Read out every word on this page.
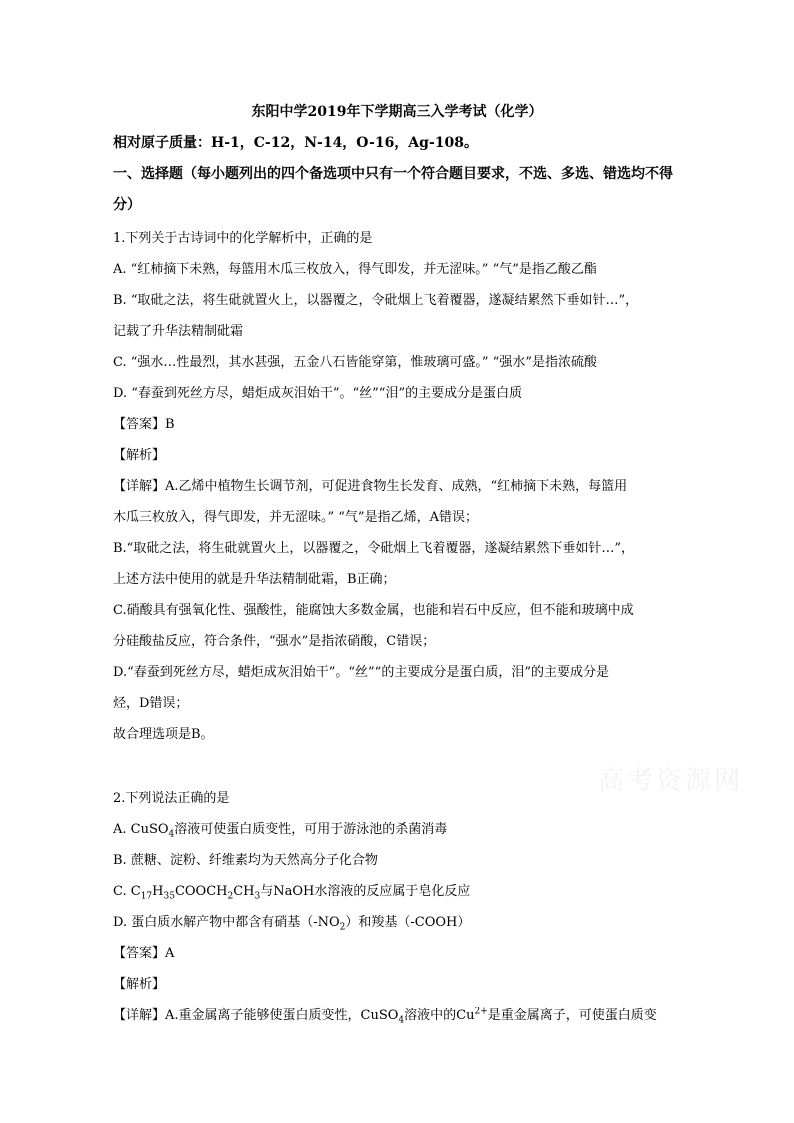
东阳中学2019年下学期高三入学考试（化学）
相对原子质量：H-1，C-12，N-14，O-16，Ag-108。
一、选择题（每小题列出的四个备选项中只有一个符合题目要求，不选、多选、错选均不得
分）
1.下列关于古诗词中的化学解析中，正确的是
A. “红柿摘下未熟，每篮用木瓜三枚放入，得气即发，并无涩味。” “气”是指乙酸乙酯
B. “取砒之法，将生砒就置火上，以器覆之，令砒烟上飞着覆器，遂凝结累然下垂如针…”，
记载了升华法精制砒霜
C. “强水…性最烈，其水甚强，五金八石皆能穿第，惟玻璃可盛。” “强水”是指浓硫酸
D. “春蚕到死丝方尽，蜡炬成灰泪始干”。“丝”“泪”的主要成分是蛋白质
【答案】B
【解析】
【详解】A.乙烯中植物生长调节剂，可促进食物生长发育、成熟，“红柿摘下未熟，每篮用
木瓜三枚放入，得气即发，并无涩味。” “气”是指乙烯，A错误；
B.“取砒之法，将生砒就置火上，以器覆之，令砒烟上飞着覆器，遂凝结累然下垂如针…”，
上述方法中使用的就是升华法精制砒霜，B正确；
C.硝酸具有强氧化性、强酸性，能腐蚀大多数金属，也能和岩石中反应，但不能和玻璃中成
分硅酸盐反应，符合条件，“强水”是指浓硝酸，C错误；
D.“春蚕到死丝方尽，蜡炬成灰泪始干”。“丝”“的主要成分是蛋白质，泪”的主要成分是
烃，D错误；
故合理选项是B。
2.下列说法正确的是
A. CuSO$_4$溶液可使蛋白质变性，可用于游泳池的杀菌消毒
B. 蔗糖、淀粉、纤维素均为天然高分子化合物
C. $C_{17}H_{35}COOCH_2CH_3$与NaOH水溶液的反应属于皂化反应
D. 蛋白质水解产物中都含有硝基$(-NO_2)$和羧基（-COOH）
【答案】A
【解析】
【详解】A.重金属离子能够使蛋白质变性，CuSO$_4$溶液中的$Cu^{2+}$是重金属离子，可使蛋白质变
高考资源网
